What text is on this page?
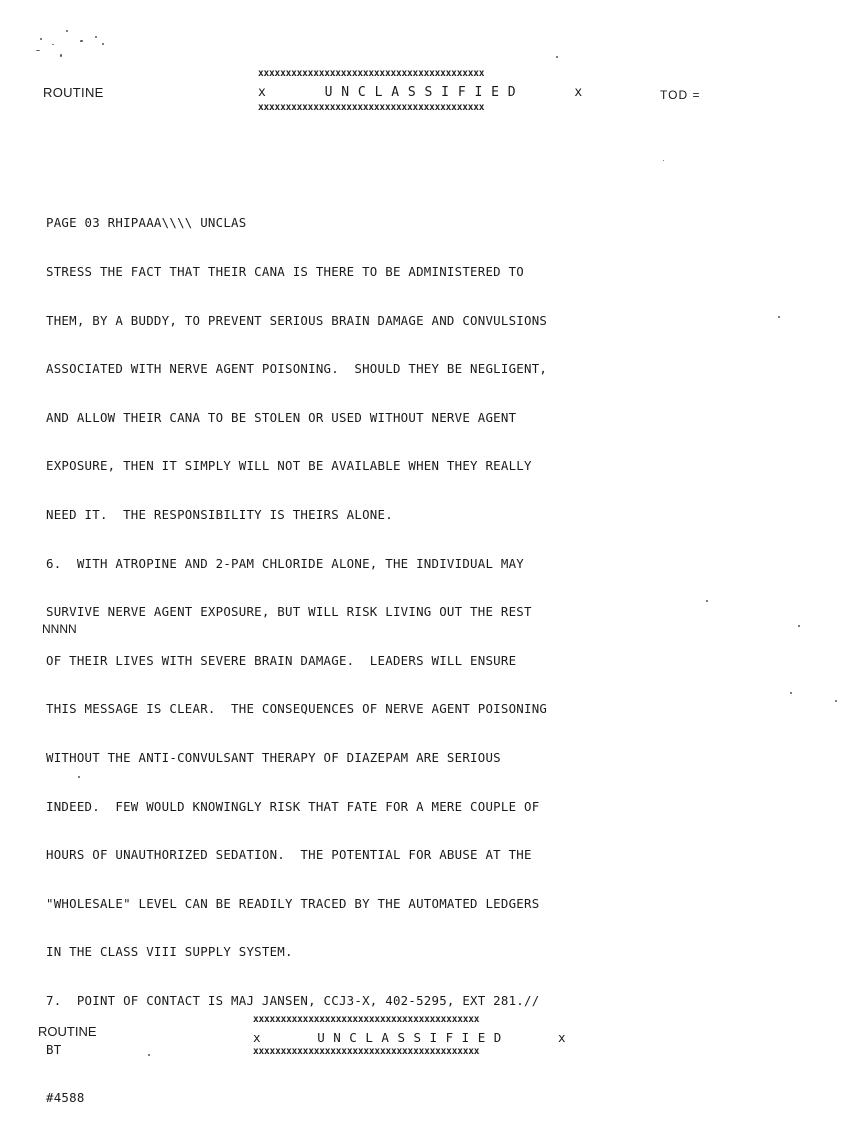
ROUTINE
xxxxxxxxxxxxxxxxxxxxxxxxxxxxxxxxxxxxxxxxx
x       U N C L A S S I F I E D       x
xxxxxxxxxxxxxxxxxxxxxxxxxxxxxxxxxxxxxxxxx
TOD =

PAGE 03 RHIPAAA\\\\ UNCLAS

STRESS THE FACT THAT THEIR CANA IS THERE TO BE ADMINISTERED TO

THEM, BY A BUDDY, TO PREVENT SERIOUS BRAIN DAMAGE AND CONVULSIONS

ASSOCIATED WITH NERVE AGENT POISONING.  SHOULD THEY BE NEGLIGENT,

AND ALLOW THEIR CANA TO BE STOLEN OR USED WITHOUT NERVE AGENT

EXPOSURE, THEN IT SIMPLY WILL NOT BE AVAILABLE WHEN THEY REALLY

NEED IT.  THE RESPONSIBILITY IS THEIRS ALONE.

6.  WITH ATROPINE AND 2-PAM CHLORIDE ALONE, THE INDIVIDUAL MAY

SURVIVE NERVE AGENT EXPOSURE, BUT WILL RISK LIVING OUT THE REST

OF THEIR LIVES WITH SEVERE BRAIN DAMAGE.  LEADERS WILL ENSURE

THIS MESSAGE IS CLEAR.  THE CONSEQUENCES OF NERVE AGENT POISONING

WITHOUT THE ANTI-CONVULSANT THERAPY OF DIAZEPAM ARE SERIOUS

INDEED.  FEW WOULD KNOWINGLY RISK THAT FATE FOR A MERE COUPLE OF

HOURS OF UNAUTHORIZED SEDATION.  THE POTENTIAL FOR ABUSE AT THE

"WHOLESALE" LEVEL CAN BE READILY TRACED BY THE AUTOMATED LEDGERS

IN THE CLASS VIII SUPPLY SYSTEM.

7.  POINT OF CONTACT IS MAJ JANSEN, CCJ3-X, 402-5295, EXT 281.//

BT

#4588

NNNN
ROUTINE
xxxxxxxxxxxxxxxxxxxxxxxxxxxxxxxxxxxxxxxxx
x       U N C L A S S I F I E D       x
xxxxxxxxxxxxxxxxxxxxxxxxxxxxxxxxxxxxxxxxx
